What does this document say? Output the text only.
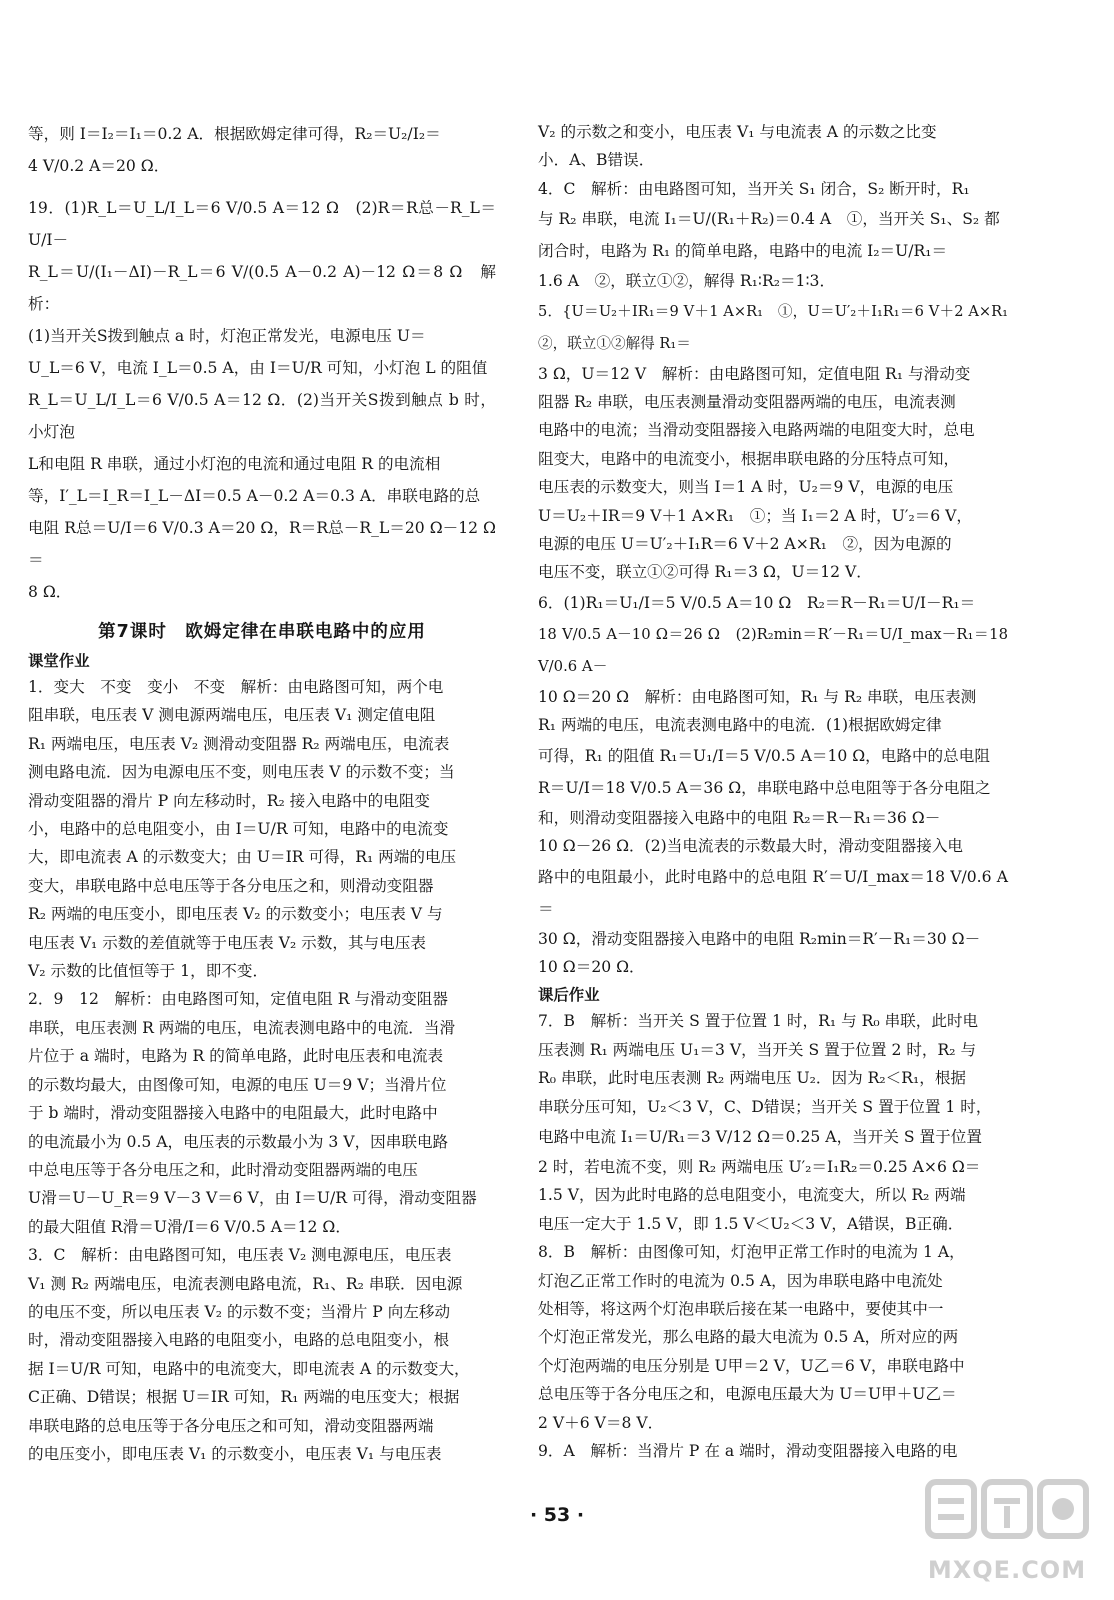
等，则 I＝I₂＝I₁＝0.2 A．根据欧姆定律可得，R₂＝U₂/I₂＝

4 V/0.2 A＝20 Ω．

19．(1)R_L＝U_L/I_L＝6 V/0.5 A＝12 Ω　(2)R＝R总－R_L＝U/I－

R_L＝U/(I₁－ΔI)－R_L＝6 V/(0.5 A－0.2 A)－12 Ω＝8 Ω　解析：

(1)当开关S拨到触点 a 时，灯泡正常发光，电源电压 U＝

U_L＝6 V，电流 I_L＝0.5 A，由 I＝U/R 可知，小灯泡 L 的阻值

R_L＝U_L/I_L＝6 V/0.5 A＝12 Ω．(2)当开关S拨到触点 b 时，小灯泡

L和电阻 R 串联，通过小灯泡的电流和通过电阻 R 的电流相

等，I′_L＝I_R＝I_L－ΔI＝0.5 A－0.2 A＝0.3 A．串联电路的总

电阻 R总＝U/I＝6 V/0.3 A＝20 Ω，R＝R总－R_L＝20 Ω－12 Ω＝

8 Ω．

第7课时　欧姆定律在串联电路中的应用
课堂作业

1．变大　不变　变小　不变　解析：由电路图可知，两个电

阻串联，电压表 V 测电源两端电压，电压表 V₁ 测定值电阻

R₁ 两端电压，电压表 V₂ 测滑动变阻器 R₂ 两端电压，电流表

测电路电流．因为电源电压不变，则电压表 V 的示数不变；当

滑动变阻器的滑片 P 向左移动时，R₂ 接入电路中的电阻变

小，电路中的总电阻变小，由 I＝U/R 可知，电路中的电流变

大，即电流表 A 的示数变大；由 U＝IR 可得，R₁ 两端的电压

变大，串联电路中总电压等于各分电压之和，则滑动变阻器

R₂ 两端的电压变小，即电压表 V₂ 的示数变小；电压表 V 与

电压表 V₁ 示数的差值就等于电压表 V₂ 示数，其与电压表

V₂ 示数的比值恒等于 1，即不变．

2．9　12　解析：由电路图可知，定值电阻 R 与滑动变阻器

串联，电压表测 R 两端的电压，电流表测电路中的电流．当滑

片位于 a 端时，电路为 R 的简单电路，此时电压表和电流表

的示数均最大，由图像可知，电源的电压 U＝9 V；当滑片位

于 b 端时，滑动变阻器接入电路中的电阻最大，此时电路中

的电流最小为 0.5 A，电压表的示数最小为 3 V，因串联电路

中总电压等于各分电压之和，此时滑动变阻器两端的电压

U滑＝U－U_R＝9 V－3 V＝6 V，由 I＝U/R 可得，滑动变阻器

的最大阻值 R滑＝U滑/I＝6 V/0.5 A＝12 Ω．

3．C　解析：由电路图可知，电压表 V₂ 测电源电压，电压表

V₁ 测 R₂ 两端电压，电流表测电路电流，R₁、R₂ 串联．因电源

的电压不变，所以电压表 V₂ 的示数不变；当滑片 P 向左移动

时，滑动变阻器接入电路的电阻变小，电路的总电阻变小，根

据 I＝U/R 可知，电路中的电流变大，即电流表 A 的示数变大，

C正确、D错误；根据 U＝IR 可知，R₁ 两端的电压变大；根据

串联电路的总电压等于各分电压之和可知，滑动变阻器两端

的电压变小，即电压表 V₁ 的示数变小，电压表 V₁ 与电压表

V₂ 的示数之和变小，电压表 V₁ 与电流表 A 的示数之比变

小．A、B错误．

4．C　解析：由电路图可知，当开关 S₁ 闭合，S₂ 断开时，R₁

与 R₂ 串联，电流 I₁＝U/(R₁＋R₂)＝0.4 A　①，当开关 S₁、S₂ 都

闭合时，电路为 R₁ 的简单电路，电路中的电流 I₂＝U/R₁＝

1.6 A　②，联立①②，解得 R₁∶R₂＝1∶3．

5．{U＝U₂＋IR₁＝9 V＋1 A×R₁　①，U＝U′₂＋I₁R₁＝6 V＋2 A×R₁　②，联立①②解得 R₁＝

3 Ω，U＝12 V　解析：由电路图可知，定值电阻 R₁ 与滑动变

阻器 R₂ 串联，电压表测量滑动变阻器两端的电压，电流表测

电路中的电流；当滑动变阻器接入电路两端的电阻变大时，总电

阻变大，电路中的电流变小，根据串联电路的分压特点可知，

电压表的示数变大，则当 I＝1 A 时，U₂＝9 V，电源的电压

U＝U₂＋IR＝9 V＋1 A×R₁　①；当 I₁＝2 A 时，U′₂＝6 V，

电源的电压 U＝U′₂＋I₁R＝6 V＋2 A×R₁　②，因为电源的

电压不变，联立①②可得 R₁＝3 Ω，U＝12 V．

6．(1)R₁＝U₁/I＝5 V/0.5 A＝10 Ω　R₂＝R－R₁＝U/I－R₁＝

18 V/0.5 A－10 Ω＝26 Ω　(2)R₂min＝R′－R₁＝U/I_max－R₁＝18 V/0.6 A－

10 Ω＝20 Ω　解析：由电路图可知，R₁ 与 R₂ 串联，电压表测

R₁ 两端的电压，电流表测电路中的电流．(1)根据欧姆定律

可得，R₁ 的阻值 R₁＝U₁/I＝5 V/0.5 A＝10 Ω，电路中的总电阻

R＝U/I＝18 V/0.5 A＝36 Ω，串联电路中总电阻等于各分电阻之

和，则滑动变阻器接入电路中的电阻 R₂＝R－R₁＝36 Ω－

10 Ω－26 Ω．(2)当电流表的示数最大时，滑动变阻器接入电

路中的电阻最小，此时电路中的总电阻 R′＝U/I_max＝18 V/0.6 A＝

30 Ω，滑动变阻器接入电路中的电阻 R₂min＝R′－R₁＝30 Ω－

10 Ω＝20 Ω．

课后作业

7．B　解析：当开关 S 置于位置 1 时，R₁ 与 R₀ 串联，此时电

压表测 R₁ 两端电压 U₁＝3 V，当开关 S 置于位置 2 时，R₂ 与

R₀ 串联，此时电压表测 R₂ 两端电压 U₂．因为 R₂＜R₁，根据

串联分压可知，U₂＜3 V，C、D错误；当开关 S 置于位置 1 时，

电路中电流 I₁＝U/R₁＝3 V/12 Ω＝0.25 A，当开关 S 置于位置

2 时，若电流不变，则 R₂ 两端电压 U′₂＝I₁R₂＝0.25 A×6 Ω＝

1.5 V，因为此时电路的总电阻变小，电流变大，所以 R₂ 两端

电压一定大于 1.5 V，即 1.5 V＜U₂＜3 V，A错误，B正确．

8．B　解析：由图像可知，灯泡甲正常工作时的电流为 1 A，

灯泡乙正常工作时的电流为 0.5 A，因为串联电路中电流处

处相等，将这两个灯泡串联后接在某一电路中，要使其中一

个灯泡正常发光，那么电路的最大电流为 0.5 A，所对应的两

个灯泡两端的电压分别是 U甲＝2 V，U乙＝6 V，串联电路中

总电压等于各分电压之和，电源电压最大为 U＝U甲＋U乙＝

2 V＋6 V＝8 V．

9．A　解析：当滑片 P 在 a 端时，滑动变阻器接入电路的电

· 53 ·
MXQE.COM
